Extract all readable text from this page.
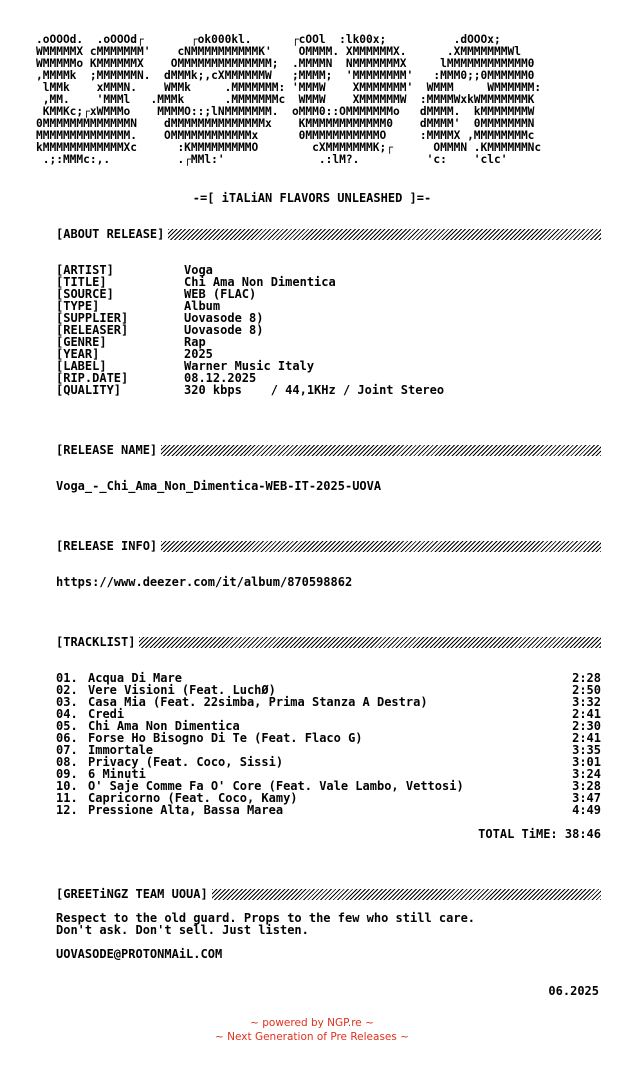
.oOOOd.  .oOOOd┌       ┌ok000kl.      ┌cOOl  :lk00x;          .dOOOx;
WMMMMMX cMMMMMMM'    cNMMMMMMMMMMK'    OMMMM. XMMMMMMX.      .XMMMMMMMWl
WMMMMMo KMMMMMMX    OMMMMMMMMMMMMMM;  .MMMMN  NMMMMMMMX     lMMMMMMMMMMMM0
,MMMMk  ;MMMMMMN.  dMMMk;,cXMMMMMMW   ;MMMM;  'MMMMMMMM'   :MMM0;;0MMMMMM0
lMMk    xMMMN.    WMMk     .MMMMMMM: 'MMMW    XMMMMMMM'  WMMM     WMMMMMM:
,MM.    'MMMl   .MMMk      .MMMMMMMc  WMMW    XMMMMMMW  :MMMMWxkWMMMMMMMK
KMMKc;┌xWMMMo    MMMMO::;lNMMMMMMM.  oMMM0::OMMMMMMMo   dMMMM.  kMMMMMMMW
0MMMMMMMMMMMMMN    dMMMMMMMMMMMMMMx    KMMMMMMMMMMMM0    dMMMM'  0MMMMMMMN
MMMMMMMMMMMMMM.    OMMMMMMMMMMMMx      0MMMMMMMMMMMO     :MMMMX ,MMMMMMMMc
kMMMMMMMMMMMMXc      :KMMMMMMMMMO        cXMMMMMMMK;┌      OMMMN .KMMMMMMNc
.;:MMMc:,.          .┌MMl:'              .:lM?.          'c:    'clc'
-=[ iTALiAN FLAVORS UNLEASHED ]=-
[ABOUT RELEASE]
[ARTIST]	Voga
[TITLE]	Chi Ama Non Dimentica
[SOURCE]	WEB (FLAC)
[TYPE]	Album
[SUPPLIER]	Uovasode 8)
[RELEASER]	Uovasode 8)
[GENRE]	Rap
[YEAR]	2025
[LABEL]	Warner Music Italy
[RIP.DATE]	08.12.2025
[QUALITY]	320 kbps    / 44,1KHz / Joint Stereo
[RELEASE NAME]
Voga_-_Chi_Ama_Non_Dimentica-WEB-IT-2025-UOVA
[RELEASE INFO]
https://www.deezer.com/it/album/870598862
[TRACKLIST]
01. Acqua Di Mare	2:28
02. Vere Visioni (Feat. LuchØ)	2:50
03. Casa Mia (Feat. 22simba, Prima Stanza A Destra)	3:32
04. Credi	2:41
05. Chi Ama Non Dimentica	2:30
06. Forse Ho Bisogno Di Te (Feat. Flaco G)	2:41
07. Immortale	3:35
08. Privacy (Feat. Coco, Sissi)	3:01
09. 6 Minuti	3:24
10. O' Saje Comme Fa O' Core (Feat. Vale Lambo, Vettosi)	3:28
11. Capricorno (Feat. Coco, Kamy)	3:47
12. Pressione Alta, Bassa Marea	4:49
TOTAL TiME: 38:46
[GREETiNGZ TEAM UOUA]
Respect to the old guard. Props to the few who still care.
Don't ask. Don't sell. Just listen.
UOVASODE@PROTONMAiL.COM
06.2025
~ powered by NGP.re ~
~ Next Generation of Pre Releases ~
